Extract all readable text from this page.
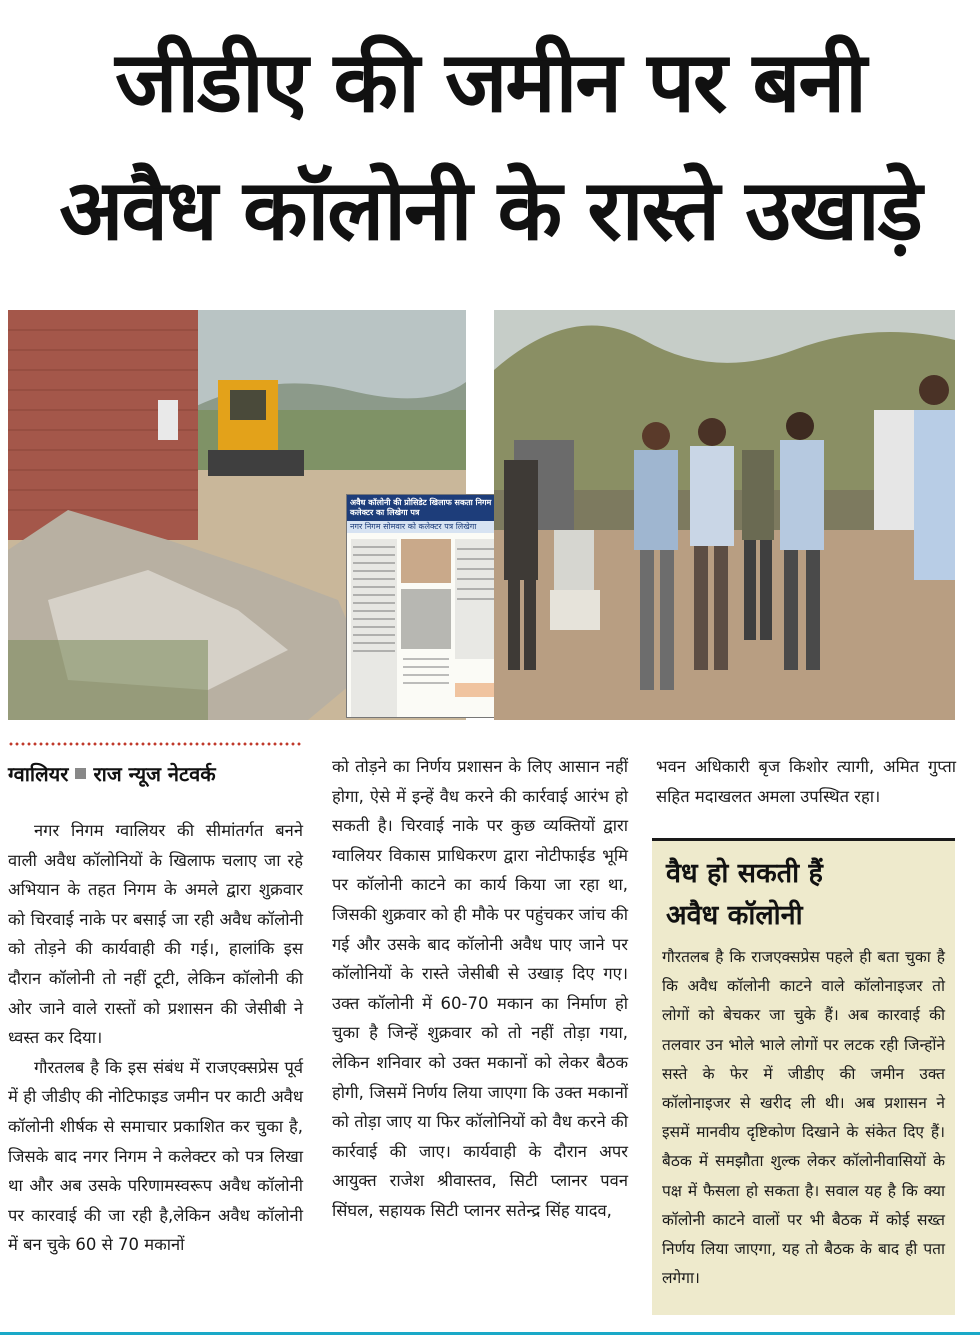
जीडीए की जमीन पर बनी
अवैध कॉलोनी के रास्ते उखाड़े
अवैध कॉलोनी की प्रोसिडेट खिलाफ सकता निगम कलेक्टर का लिखेगा पत्र
नगर निगम सोमवार को कलेक्टर पत्र लिखेगा
ग्वालियर राज न्यूज नेटवर्क

नगर निगम ग्वालियर की सीमांतर्गत बनने वाली अवैध कॉलोनियों के खिलाफ चलाए जा रहे अभियान के तहत निगम के अमले द्वारा शुक्रवार को चिरवाई नाके पर बसाई जा रही अवैध कॉलोनी को तोड़ने की कार्यवाही की गई।, हालांकि इस दौरान कॉलोनी तो नहीं टूटी, लेकिन कॉलोनी की ओर जाने वाले रास्तों को प्रशासन की जेसीबी ने ध्वस्त कर दिया।

गौरतलब है कि इस संबंध में राजएक्सप्रेस पूर्व में ही जीडीए की नोटिफाइड जमीन पर काटी अवैध कॉलोनी शीर्षक से समाचार प्रकाशित कर चुका है, जिसके बाद नगर निगम ने कलेक्टर को पत्र लिखा था और अब उसके परिणामस्वरूप अवैध कॉलोनी पर कारवाई की जा रही है,लेकिन अवैध कॉलोनी में बन चुके 60 से 70 मकानों

को तोड़ने का निर्णय प्रशासन के लिए आसान नहीं होगा, ऐसे में इन्हें वैध करने की कार्रवाई आरंभ हो सकती है। चिरवाई नाके पर कुछ व्यक्तियों द्वारा ग्वालियर विकास प्राधिकरण द्वारा नोटीफाईड भूमि पर कॉलोनी काटने का कार्य किया जा रहा था, जिसकी शुक्रवार को ही मौके पर पहुंचकर जांच की गई और उसके बाद कॉलोनी अवैध पाए जाने पर कॉलोनियों के रास्ते जेसीबी से उखाड़ दिए गए। उक्त कॉलोनी में 60-70 मकान का निर्माण हो चुका है जिन्हें शुक्रवार को तो नहीं तोड़ा गया, लेकिन शनिवार को उक्त मकानों को लेकर बैठक होगी, जिसमें निर्णय लिया जाएगा कि उक्त मकानों को तोड़ा जाए या फिर कॉलोनियों को वैध करने की कार्रवाई की जाए। कार्यवाही के दौरान अपर आयुक्त राजेश श्रीवास्तव, सिटी प्लानर पवन सिंघल, सहायक सिटी प्लानर सतेन्द्र सिंह यादव,

भवन अधिकारी बृज किशोर त्यागी, अमित गुप्ता सहित मदाखलत अमला उपस्थित रहा।

वैध हो सकती हैं
अवैध कॉलोनी
गौरतलब है कि राजएक्सप्रेस पहले ही बता चुका है कि अवैध कॉलोनी काटने वाले कॉलोनाइजर तो लोगों को बेचकर जा चुके हैं। अब कारवाई की तलवार उन भोले भाले लोगों पर लटक रही जिन्होंने सस्ते के फेर में जीडीए की जमीन उक्त कॉलोनाइजर से खरीद ली थी। अब प्रशासन ने इसमें मानवीय दृष्टिकोण दिखाने के संकेत दिए हैं। बैठक में समझौता शुल्क लेकर कॉलोनीवासियों के पक्ष में फैसला हो सकता है। सवाल यह है कि क्या कॉलोनी काटने वालों पर भी बैठक में कोई सख्त निर्णय लिया जाएगा, यह तो बैठक के बाद ही पता लगेगा।
